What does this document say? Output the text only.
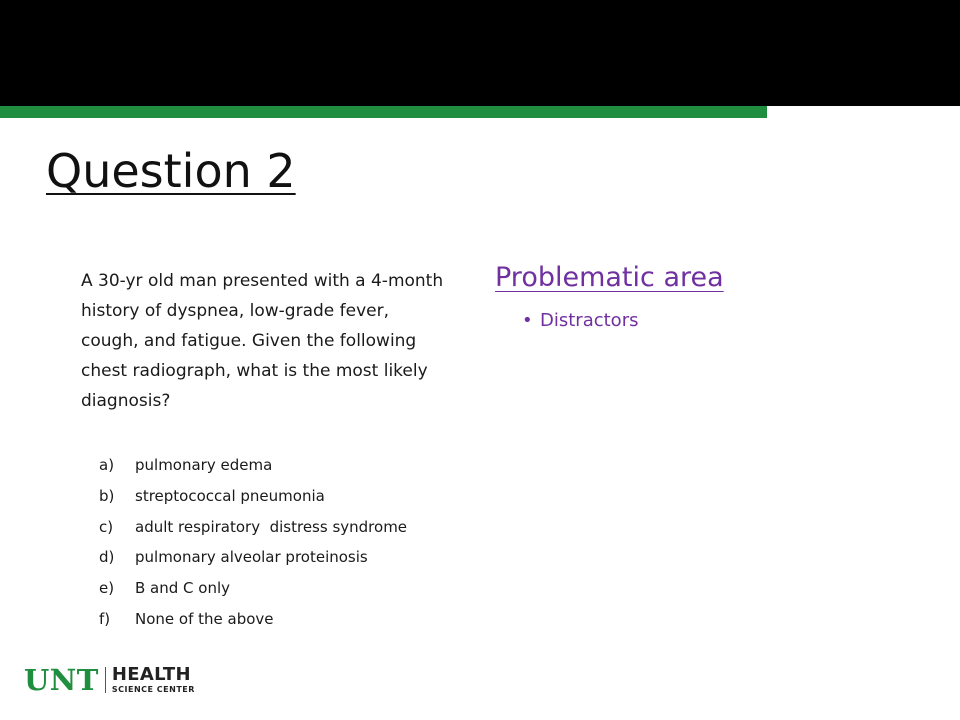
Question 2

A 30-yr old man presented with a 4-month history of dyspnea, low-grade fever, cough, and fatigue. Given the following chest radiograph, what is the most likely diagnosis?

a) pulmonary edema
b) streptococcal pneumonia
c) adult respiratory  distress syndrome
d) pulmonary alveolar proteinosis
e) B and C only
f) None of the above
Problematic area
• Distractors
UNT HEALTH
SCIENCE CENTER
